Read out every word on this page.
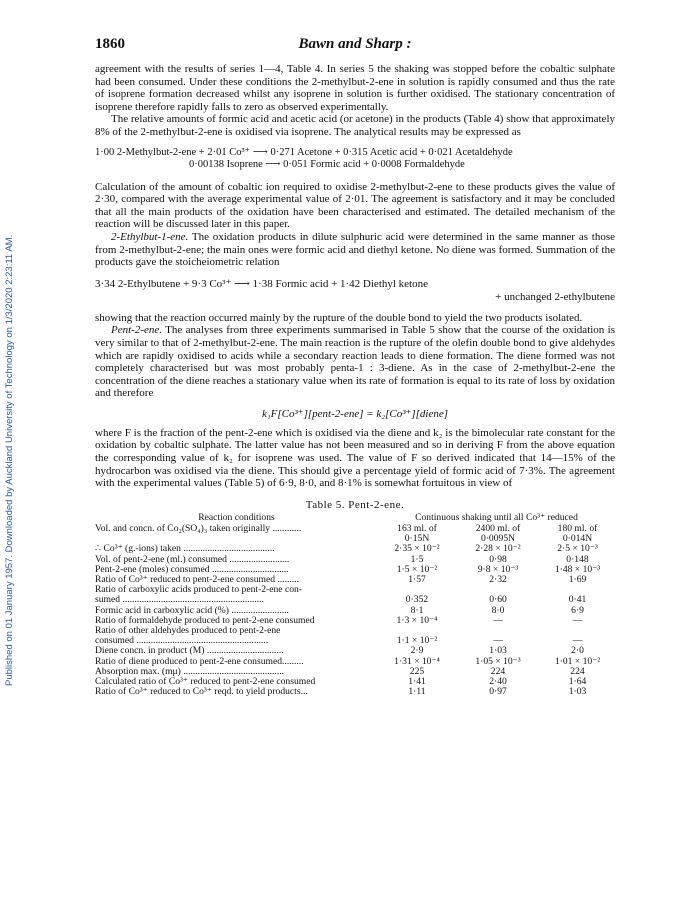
Published on 01 January 1957. Downloaded by Auckland University of Technology on 1/3/2020 2:23:11 AM.
1860	Bawn and Sharp :

agreement with the results of series 1—4, Table 4. In series 5 the shaking was stopped before the cobaltic sulphate had been consumed. Under these conditions the 2-methylbut-2-ene in solution is rapidly consumed and thus the rate of isoprene formation decreased whilst any isoprene in solution is further oxidised. The stationary concentration of isoprene therefore rapidly falls to zero as observed experimentally.

The relative amounts of formic acid and acetic acid (or acetone) in the products (Table 4) show that approximately 8% of the 2-methylbut-2-ene is oxidised via isoprene. The analytical results may be expressed as

1·00 2-Methylbut-2-ene + 2·01 Co³⁺ ⟶ 0·271 Acetone + 0·315 Acetic acid + 0·021 Acetaldehyde
0·00138 Isoprene ⟶ 0·051 Formic acid + 0·0008 Formaldehyde

Calculation of the amount of cobaltic ion required to oxidise 2-methylbut-2-ene to these products gives the value of 2·30, compared with the average experimental value of 2·01. The agreement is satisfactory and it may be concluded that all the main products of the oxidation have been characterised and estimated. The detailed mechanism of the reaction will be discussed later in this paper.

2-Ethylbut-1-ene. The oxidation products in dilute sulphuric acid were determined in the same manner as those from 2-methylbut-2-ene; the main ones were formic acid and diethyl ketone. No diene was formed. Summation of the products gave the stoicheiometric relation

3·34 2-Ethylbutene + 9·3 Co³⁺ ⟶ 1·38 Formic acid + 1·42 Diethyl ketone
+ unchanged 2-ethylbutene

showing that the reaction occurred mainly by the rupture of the double bond to yield the two products isolated.

Pent-2-ene. The analyses from three experiments summarised in Table 5 show that the course of the oxidation is very similar to that of 2-methylbut-2-ene. The main reaction is the rupture of the olefin double bond to give aldehydes which are rapidly oxidised to acids while a secondary reaction leads to diene formation. The diene formed was not completely characterised but was most probably penta-1 : 3-diene. As in the case of 2-methylbut-2-ene the concentration of the diene reaches a stationary value when its rate of formation is equal to its rate of loss by oxidation and therefore

k₁F[Co³⁺][pent-2-ene] = k₂[Co³⁺][diene]

where F is the fraction of the pent-2-ene which is oxidised via the diene and k₂ is the bimolecular rate constant for the oxidation by cobaltic sulphate. The latter value has not been measured and so in deriving F from the above equation the corresponding value of k₂ for isoprene was used. The value of F so derived indicated that 14—15% of the hydrocarbon was oxidised via the diene. This should give a percentage yield of formic acid of 7·3%. The agreement with the experimental values (Table 5) of 6·9, 8·0, and 8·1% is somewhat fortuitous in view of

Table 5. Pent-2-ene.
Reaction conditions	Continuous shaking until all Co³⁺ reduced		
Vol. and concn. of Co₂(SO₄)₃ taken originally ............	163 ml. of	2400 ml. of	180 ml. of
	0·15N	0·0095N	0·014N
∴ Co³⁺ (g.-ions) taken ......................................	2·35 × 10⁻²	2·28 × 10⁻²	2·5 × 10⁻³
Vol. of pent-2-ene (ml.) consumed .........................	1·5	0·98	0·148
Pent-2-ene (moles) consumed ................................	1·5 × 10⁻²	9·8 × 10⁻³	1·48 × 10⁻³
Ratio of Co³⁺ reduced to pent-2-ene consumed .........	1·57	2·32	1·69
Ratio of carboxylic acids produced to pent-2-ene con-			
sumed ...........................................................	0·352	0·60	0·41
Formic acid in carboxylic acid (%) ........................	8·1	8·0	6·9
Ratio of formaldehyde produced to pent-2-ene consumed	1·3 × 10⁻⁴	—	—
Ratio of other aldehydes produced to pent-2-ene			
consumed .......................................................	1·1 × 10⁻²	—	—
Diene concn. in product (M) ................................	2·9	1·03	2·0
Ratio of diene produced to pent-2-ene consumed.........	1·31 × 10⁻⁴	1·05 × 10⁻³	1·01 × 10⁻²
Absorption max. (mμ) ..........................................	225	224	224
Calculated ratio of Co³⁺ reduced to pent-2-ene consumed	1·41	2·40	1·64
Ratio of Co³⁺ reduced to Co³⁺ reqd. to yield products...	1·11	0·97	1·03
